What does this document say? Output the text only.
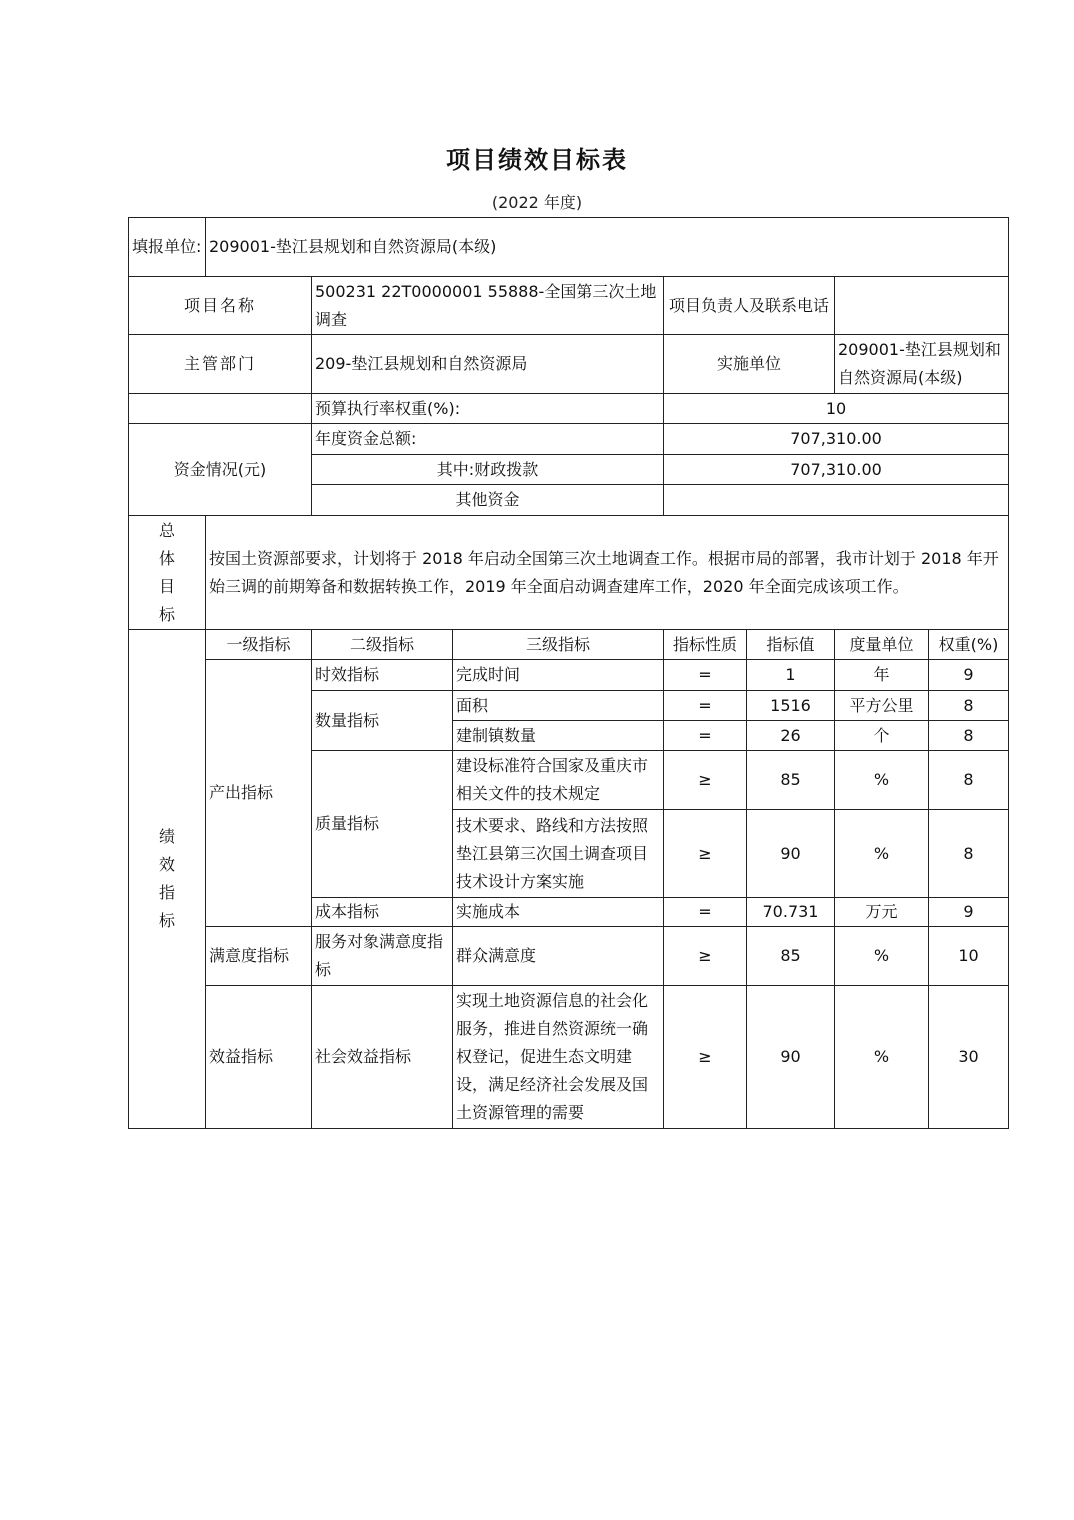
项目绩效目标表
(2022 年度)
填报单位:	209001-垫江县规划和自然资源局(本级)						
项目名称		500231 22T0000001 55888-全国第三次土地调查		项目负责人及联系电话			
主管部门		209-垫江县规划和自然资源局		实施单位		209001-垫江县规划和自然资源局(本级)	
		预算执行率权重(%):		10			
资金情况(元)		年度资金总额:		707,310.00			
		其中:财政拨款		707,310.00			
		其他资金					

总体目标	按国土资源部要求，计划将于 2018 年启动全国第三次土地调查工作。根据市局的部署，我市计划于 2018 年开始三调的前期筹备和数据转换工作，2019 年全面启动调查建库工作，2020 年全面完成该项工作。						

绩效指标	一级指标	二级指标	三级指标	指标性质	指标值	度量单位	权重(%)
	产出指标	时效指标	完成时间	=	1	年	9
		数量指标	面积	=	1516	平方公里	8
			建制镇数量	=	26	个	8
		质量指标	建设标准符合国家及重庆市相关文件的技术规定	≥	85	%	8
			技术要求、路线和方法按照垫江县第三次国土调查项目技术设计方案实施	≥	90	%	8
		成本指标	实施成本	=	70.731	万元	9
	满意度指标	服务对象满意度指标	群众满意度	≥	85	%	10
	效益指标	社会效益指标	实现土地资源信息的社会化服务，推进自然资源统一确权登记，促进生态文明建设，满足经济社会发展及国土资源管理的需要	≥	90	%	30
